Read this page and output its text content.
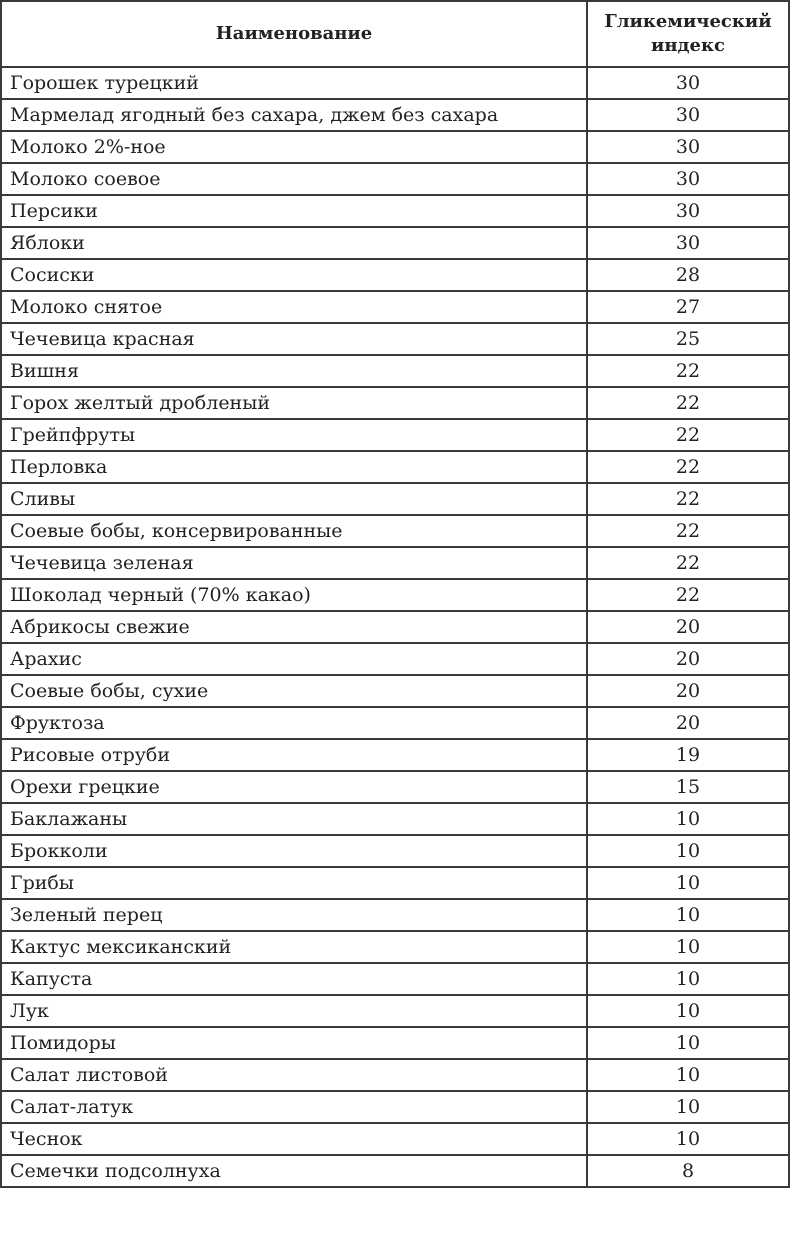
Наименование	Гликемический индекс
Горошек турецкий	30
Мармелад ягодный без сахара, джем без сахара	30
Молоко 2%-ное	30
Молоко соевое	30
Персики	30
Яблоки	30
Сосиски	28
Молоко снятое	27
Чечевица красная	25
Вишня	22
Горох желтый дробленый	22
Грейпфруты	22
Перловка	22
Сливы	22
Соевые бобы, консервированные	22
Чечевица зеленая	22
Шоколад черный (70% какао)	22
Абрикосы свежие	20
Арахис	20
Соевые бобы, сухие	20
Фруктоза	20
Рисовые отруби	19
Орехи грецкие	15
Баклажаны	10
Брокколи	10
Грибы	10
Зеленый перец	10
Кактус мексиканский	10
Капуста	10
Лук	10
Помидоры	10
Салат листовой	10
Салат-латук	10
Чеснок	10
Семечки подсолнуха	8
